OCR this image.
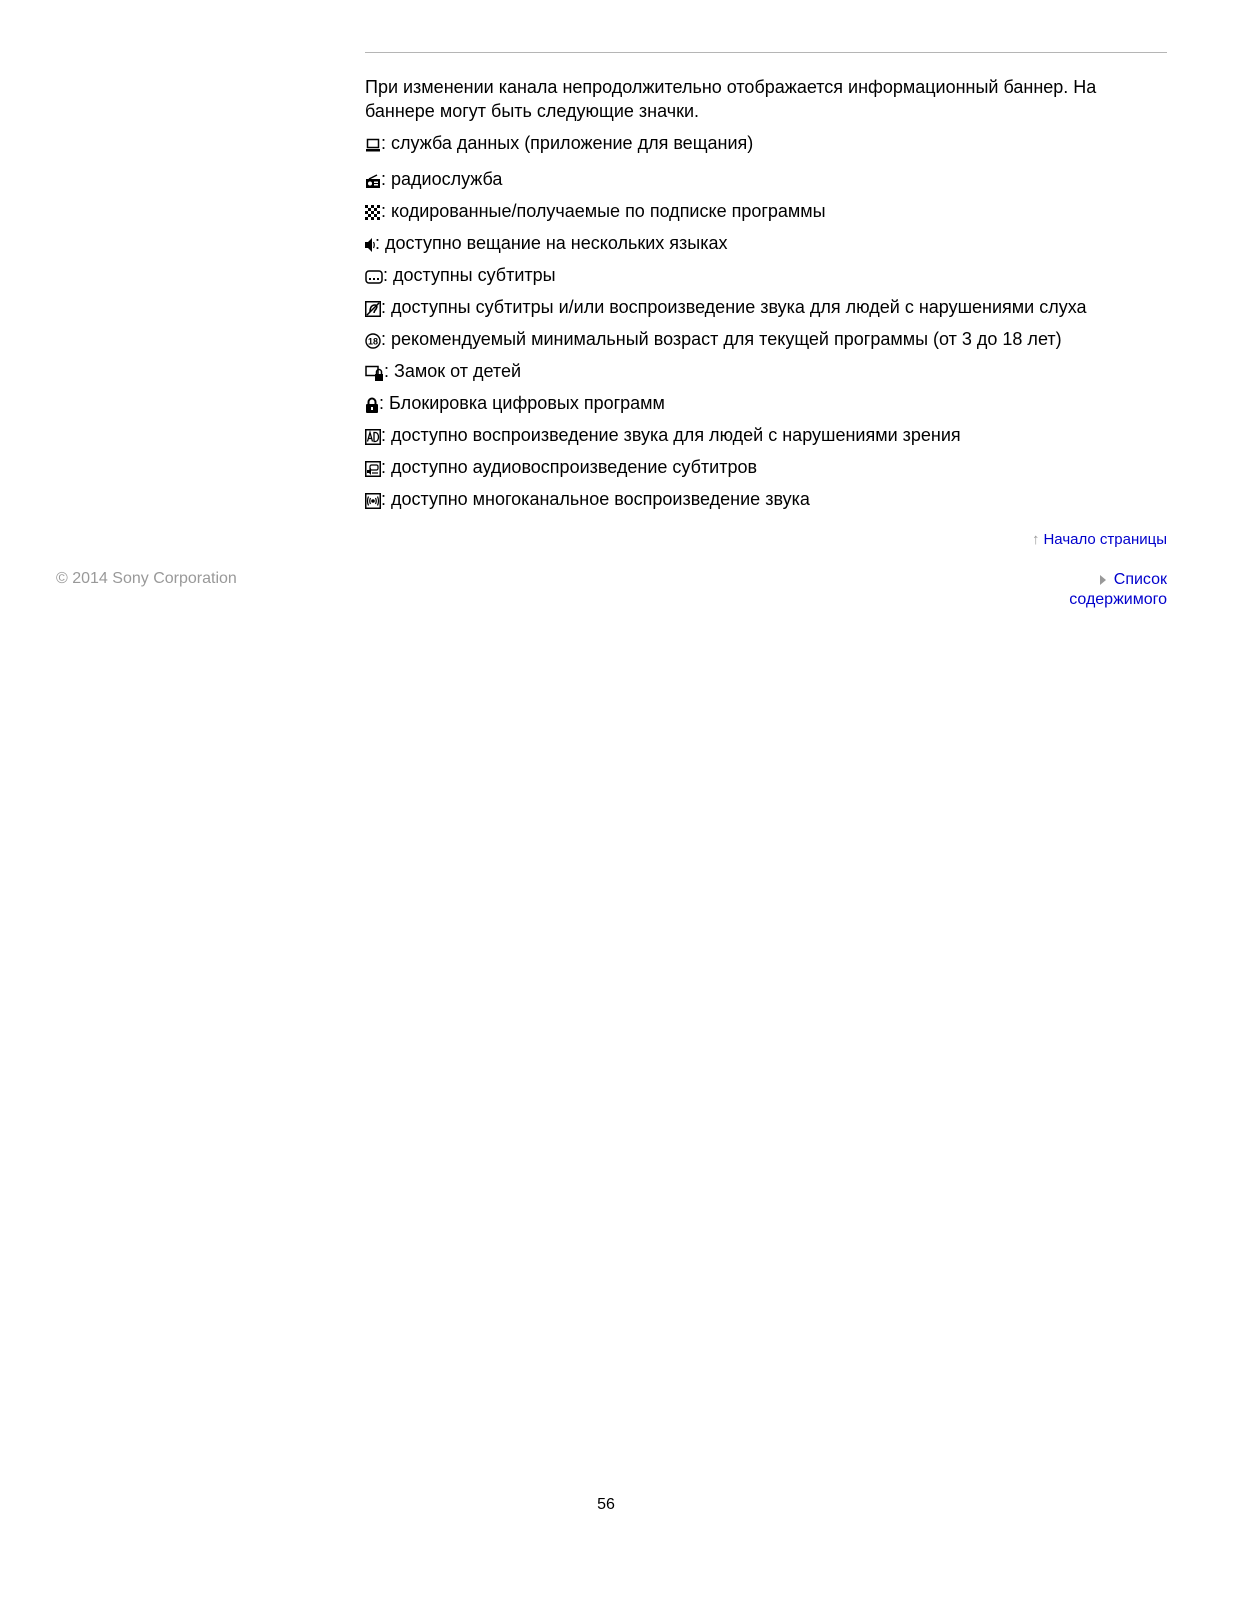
При изменении канала непродолжительно отображается информационный баннер. На
баннере могут быть следующие значки.

: служба данных (приложение для вещания)
: радиослужба
: кодированные/получаемые по подписке программы
: доступно вещание на нескольких языках
: доступны субтитры
: доступны субтитры и/или воспроизведение звука для людей с нарушениями слуха
18 : рекомендуемый минимальный возраст для текущей программы (от 3 до 18 лет)
: Замок от детей
: Блокировка цифровых программ
: доступно воспроизведение звука для людей с нарушениями зрения
: доступно аудиовоспроизведение субтитров
: доступно многоканальное воспроизведение звука
↑ Начало страницы
© 2014 Sony Corporation	Список
содержимого
56
